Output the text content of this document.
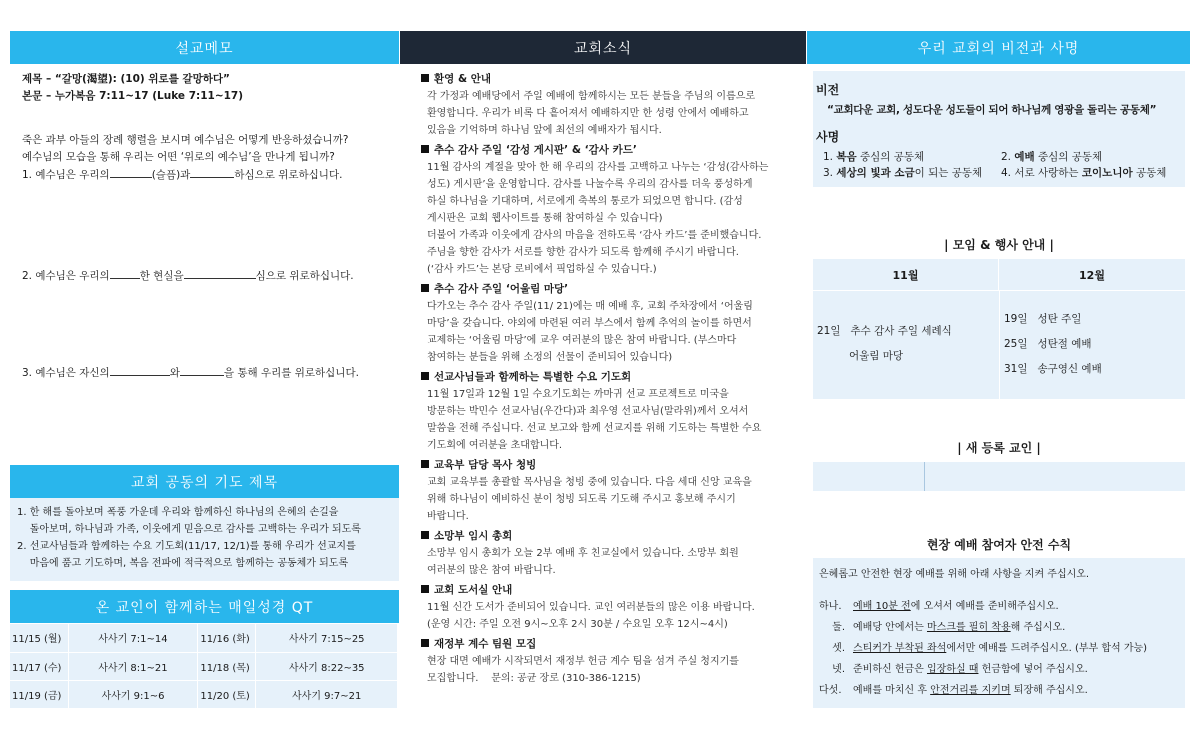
설교메모
제목 – “갈망(渴望): (10) 위로를 갈망하다”
본문 – 누가복음 7:11~17 (Luke 7:11~17)
죽은 과부 아들의 장례 행렬을 보시며 예수님은 어떻게 반응하셨습니까?
예수님의 모습을 통해 우리는 어떤 ‘위로의 예수님’을 만나게 됩니까?
1. 예수님은 우리의	(슬픔)과	하심으로 위로하십니다.
2. 예수님은 우리의	한 현실을	심으로 위로하십니다.
3. 예수님은 자신의	와	을 통해 우리를 위로하십니다.
교회 공동의 기도 제목
1. 한 해를 돌아보며 폭풍 가운데 우리와 함께하신 하나님의 은혜의 손길을
돌아보며, 하나님과 가족, 이웃에게 믿음으로 감사를 고백하는 우리가 되도록
2. 선교사님들과 함께하는 수요 기도회(11/17, 12/1)를 통해 우리가 선교지를
마음에 품고 기도하며, 복음 전파에 적극적으로 함께하는 공동체가 되도록
온 교인이 함께하는 매일성경 QT
11/15 (월)	사사기 7:1~14	11/16 (화)	사사기 7:15~25
11/17 (수)	사사기 8:1~21	11/18 (목)	사사기 8:22~35
11/19 (금)	사사기 9:1~6	11/20 (토)	사사기 9:7~21
교회소식
환영 & 안내
각 가정과 예배당에서 주일 예배에 함께하시는 모든 분들을 주님의 이름으로
환영합니다. 우리가 비록 다 흩어져서 예배하지만 한 성령 안에서 예배하고
있음을 기억하며 하나님 앞에 최선의 예배자가 됩시다.
추수 감사 주일 ‘감성 게시판’ & ‘감사 카드’
11월 감사의 계절을 맞아 한 해 우리의 감사를 고백하고 나누는 ‘감성(감사하는
성도) 게시판’을 운영합니다. 감사를 나눌수록 우리의 감사를 더욱 풍성하게
하실 하나님을 기대하며, 서로에게 축복의 통로가 되었으면 합니다. (감성
게시판은 교회 웹사이트를 통해 참여하실 수 있습니다)
더불어 가족과 이웃에게 감사의 마음을 전하도록 ‘감사 카드’를 준비했습니다.
주님을 향한 감사가 서로를 향한 감사가 되도록 함께해 주시기 바랍니다.
(‘감사 카드’는 본당 로비에서 픽업하실 수 있습니다.)
추수 감사 주일 ‘어울림 마당’
다가오는 추수 감사 주일(11/ 21)에는 매 예배 후, 교회 주차장에서 ‘어울림
마당’을 갖습니다. 야외에 마련된 여러 부스에서 함께 추억의 놀이를 하면서
교제하는 ‘어울림 마당’에 교우 여러분의 많은 참여 바랍니다. (부스마다
참여하는 분들을 위해 소정의 선물이 준비되어 있습니다)
선교사님들과 함께하는 특별한 수요 기도회
11월 17일과 12월 1일 수요기도회는 까마귀 선교 프로젝트로 미국을
방문하는 박민수 선교사님(우간다)과 최우영 선교사님(말라위)께서 오셔서
말씀을 전해 주십니다. 선교 보고와 함께 선교지를 위해 기도하는 특별한 수요
기도회에 여러분을 초대합니다.
교육부 담당 목사 청빙
교회 교육부를 총괄할 목사님을 청빙 중에 있습니다. 다음 세대 신앙 교육을
위해 하나님이 예비하신 분이 청빙 되도록 기도해 주시고 홍보해 주시기
바랍니다.
소망부 임시 총회
소망부 임시 총회가 오늘 2부 예배 후 친교실에서 있습니다. 소망부 회원
여러분의 많은 참여 바랍니다.
교회 도서실 안내
11월 신간 도서가 준비되어 있습니다. 교인 여러분들의 많은 이용 바랍니다.
(운영 시간: 주일 오전 9시~오후 2시 30분 / 수요일 오후 12시~4시)
재정부 계수 팀원 모집
현장 대면 예배가 시작되면서 재정부 헌금 계수 팀을 섬겨 주실 청지기를
모집합니다.    문의: 공균 장로 (310-386-1215)
우리 교회의 비전과 사명
비전
“교회다운 교회, 성도다운 성도들이 되어 하나님께 영광을 돌리는 공동체”
사명
1. 복음 중심의 공동체	2. 예배 중심의 공동체
3. 세상의 빛과 소금이 되는 공동체 4. 서로 사랑하는 코이노니아 공동체
| 모임 & 행사 안내 |
11월	12월
21일   추수 감사 주일 세례식
어울림 마당
19일   성탄 주일
25일   성탄절 예배
31일   송구영신 예배
| 새 등록 교인 |
현장 예배 참여자 안전 수칙
은혜롭고 안전한 현장 예배를 위해 아래 사항을 지켜 주십시오.
하나. 예배 10분 전에 오셔서 예배를 준비해주십시오.
둘. 예배당 안에서는 마스크를 필히 착용해 주십시오.
셋. 스티커가 부착된 좌석에서만 예배를 드려주십시오. (부부 합석 가능)
넷. 준비하신 헌금은 입장하실 때 헌금함에 넣어 주십시오.
다섯. 예배를 마치신 후 안전거리를 지키며 퇴장해 주십시오.
